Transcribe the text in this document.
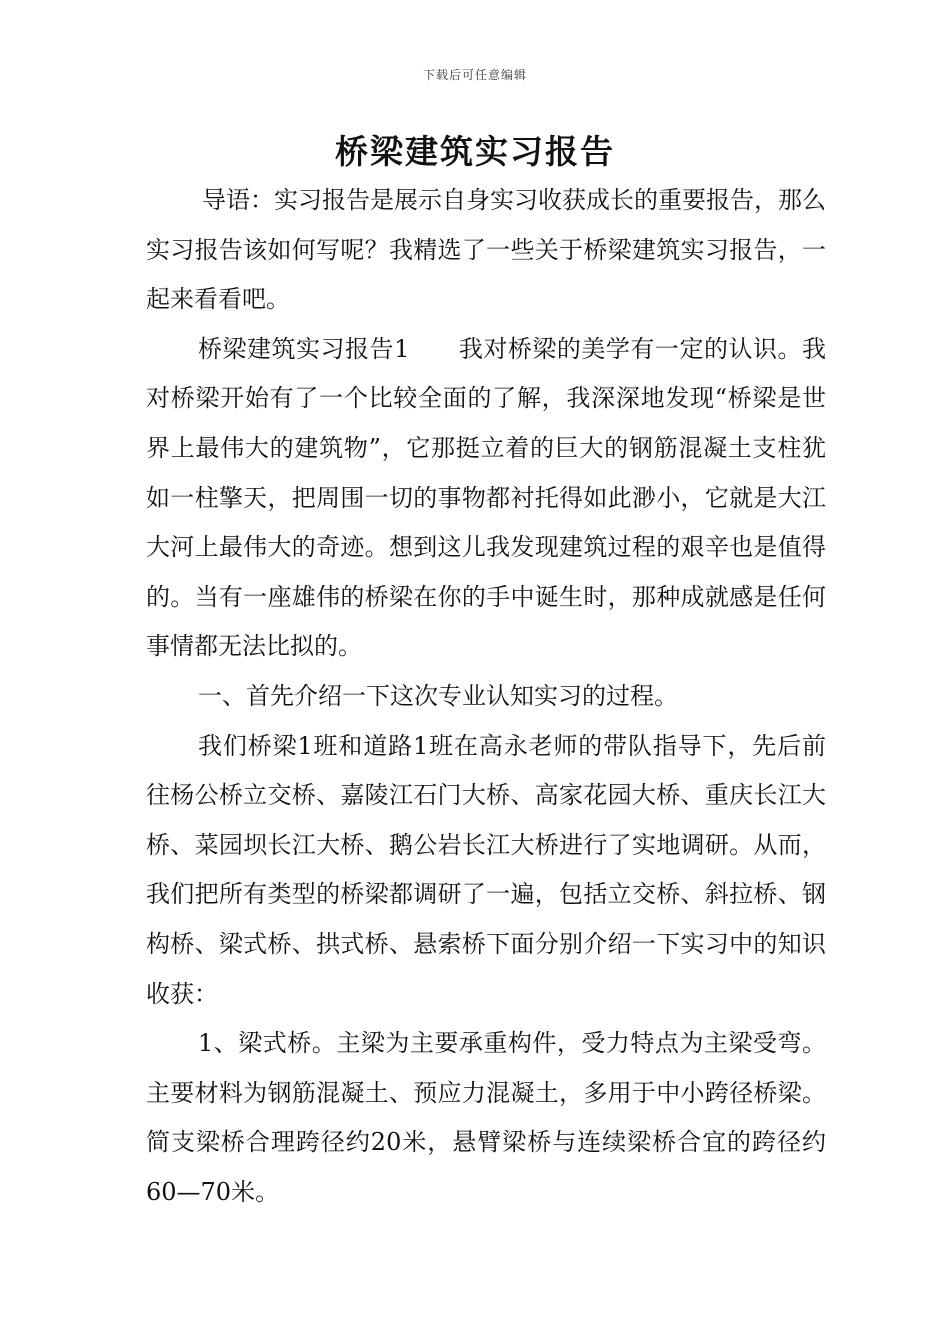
下载后可任意编辑
桥梁建筑实习报告

导语：实习报告是展示自身实习收获成长的重要报告，那么实习报告该如何写呢？我精选了一些关于桥梁建筑实习报告，一起来看看吧。

桥梁建筑实习报告1　　我对桥梁的美学有一定的认识。我对桥梁开始有了一个比较全面的了解，我深深地发现“桥梁是世界上最伟大的建筑物”，它那挺立着的巨大的钢筋混凝土支柱犹如一柱擎天，把周围一切的事物都衬托得如此渺小，它就是大江大河上最伟大的奇迹。想到这儿我发现建筑过程的艰辛也是值得的。当有一座雄伟的桥梁在你的手中诞生时，那种成就感是任何事情都无法比拟的。

一、首先介绍一下这次专业认知实习的过程。

我们桥梁1班和道路1班在高永老师的带队指导下，先后前往杨公桥立交桥、嘉陵江石门大桥、高家花园大桥、重庆长江大桥、菜园坝长江大桥、鹅公岩长江大桥进行了实地调研。从而，我们把所有类型的桥梁都调研了一遍，包括立交桥、斜拉桥、钢构桥、梁式桥、拱式桥、悬索桥下面分别介绍一下实习中的知识收获：

1、梁式桥。主梁为主要承重构件，受力特点为主梁受弯。主要材料为钢筋混凝土、预应力混凝土，多用于中小跨径桥梁。简支梁桥合理跨径约20米，悬臂梁桥与连续梁桥合宜的跨径约60—70米。
